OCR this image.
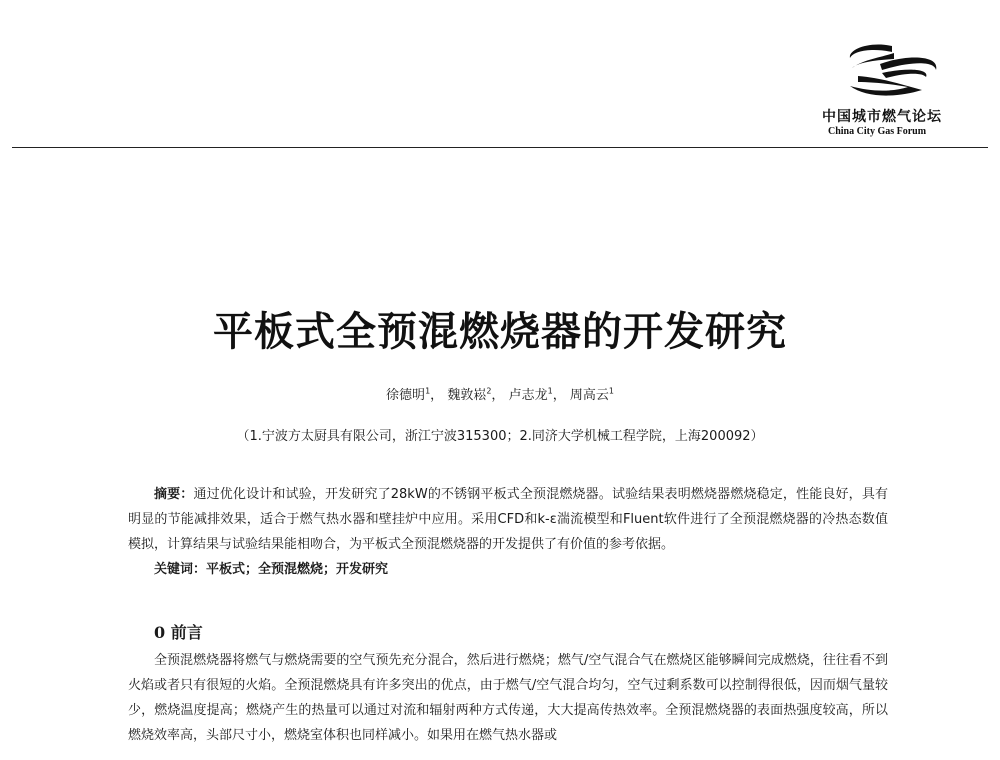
中国城市燃气论坛
China City Gas Forum
平板式全预混燃烧器的开发研究
徐德明$^1$， 魏敦崧$^2$， 卢志龙$^1$， 周高云$^1$
（1.宁波方太厨具有限公司，浙江宁波315300；2.同济大学机械工程学院，上海200092）

摘要：通过优化设计和试验，开发研究了28kW的不锈钢平板式全预混燃烧器。试验结果表明燃烧器燃烧稳定，性能良好，具有明显的节能减排效果，适合于燃气热水器和壁挂炉中应用。采用CFD和k-ε湍流模型和Fluent软件进行了全预混燃烧器的冷热态数值模拟，计算结果与试验结果能相吻合，为平板式全预混燃烧器的开发提供了有价值的参考依据。

关键词：平板式；全预混燃烧；开发研究
0 前言

全预混燃烧器将燃气与燃烧需要的空气预先充分混合，然后进行燃烧；燃气/空气混合气在燃烧区能够瞬间完成燃烧，往往看不到火焰或者只有很短的火焰。全预混燃烧具有许多突出的优点，由于燃气/空气混合均匀，空气过剩系数可以控制得很低，因而烟气量较少，燃烧温度提高；燃烧产生的热量可以通过对流和辐射两种方式传递，大大提高传热效率。全预混燃烧器的表面热强度较高，所以燃烧效率高，头部尺寸小，燃烧室体积也同样减小。如果用在燃气热水器或
